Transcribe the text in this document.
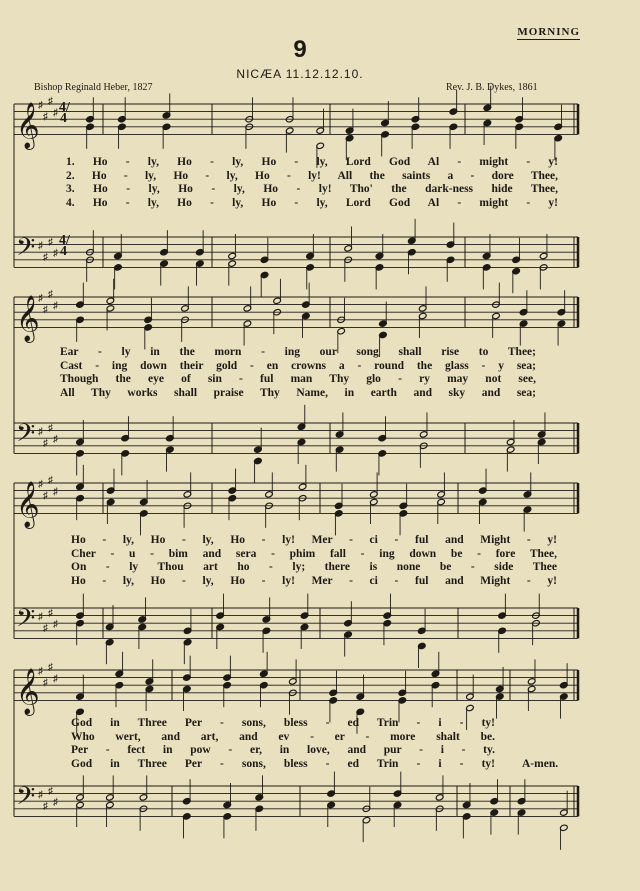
MORNING
9
NICÆA 11.12.12.10.
Bishop Reginald Heber, 1827	Rev. J. B. Dykes, 1861
𝄞
♯
♯
♯
♯
𝄢 ♯
♯
♯
♯
𝄞
♯
♯
♯
♯
𝄢 ♯
♯
♯
♯
𝄞
♯
♯
♯
♯
𝄢 ♯
♯
♯
♯
𝄞
♯
♯
♯
♯
𝄢 ♯
♯
♯
♯
4/4
4/4
1. Ho - ly, Ho - ly, Ho - ly, Lord God Al - might - y!
2. Ho - ly, Ho - ly, Ho - ly! All the saints a - dore Thee,
3. Ho - ly, Ho - ly, Ho - ly! Tho' the dark-ness hide Thee,
4. Ho - ly, Ho - ly, Ho - ly, Lord God Al - might - y!
Ear - ly in the morn - ing our song shall rise to Thee;
Cast - ing down their gold - en crowns a - round the glass - y sea;
Though the eye of sin - ful man Thy glo - ry may not see,
All Thy works shall praise Thy Name, in earth and sky and sea;
Ho - ly, Ho - ly, Ho - ly! Mer - ci - ful and Might - y!
Cher - u - bim and sera - phim fall - ing down be - fore Thee,
On - ly Thou art ho - ly; there is none be - side Thee
Ho - ly, Ho - ly, Ho - ly! Mer - ci - ful and Might - y!
God in Three Per - sons, bless - ed Trin - i - ty!
Who wert, and art, and ev - er - more shalt be.
Per - fect in pow - er, in love, and pur - i - ty.
God in Three Per - sons, bless - ed Trin - i - ty! A-men.
